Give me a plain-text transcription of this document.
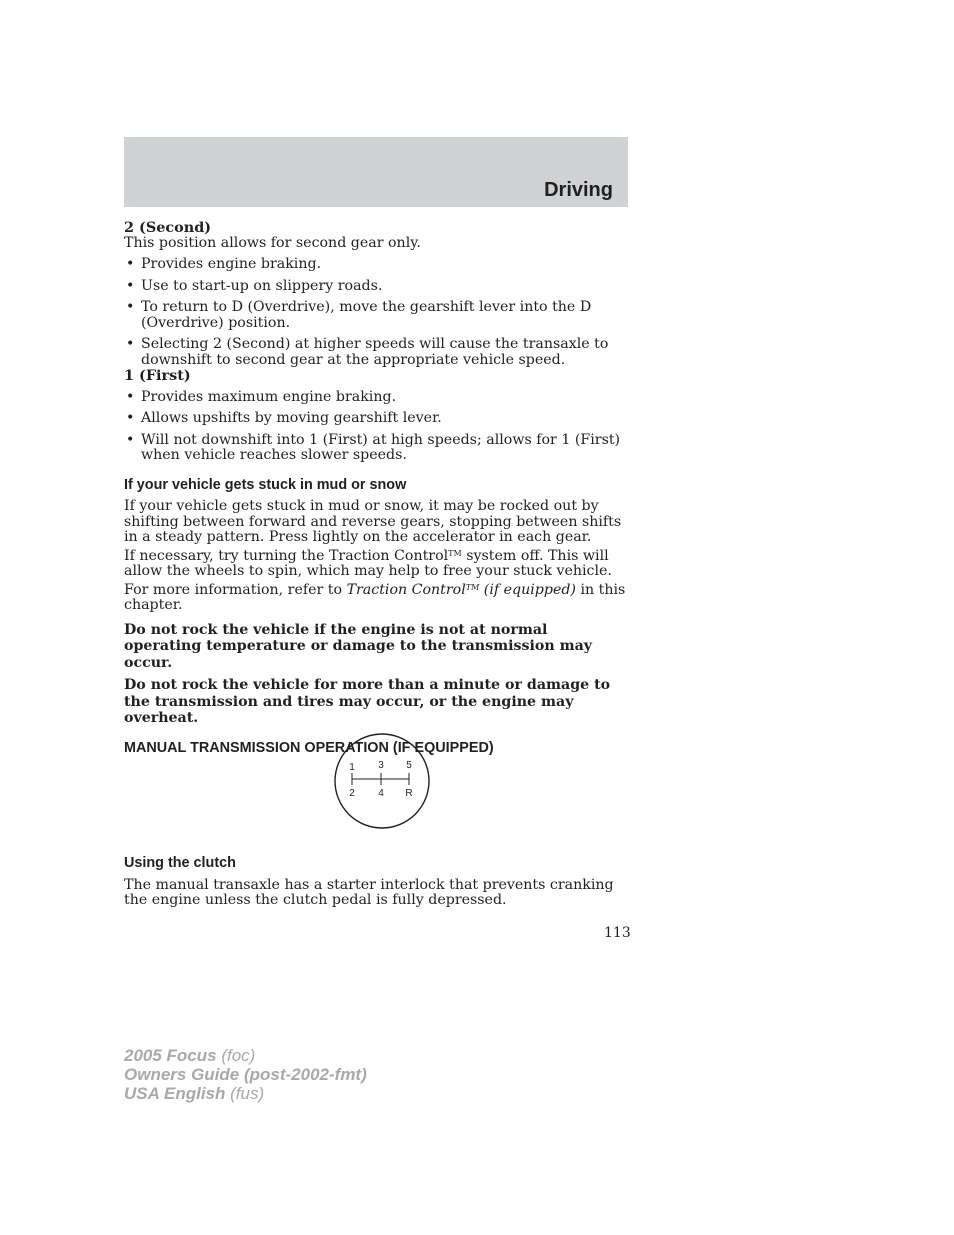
Driving

2 (Second)

This position allows for second gear only.

• Provides engine braking.
• Use to start-up on slippery roads.
• To return to D (Overdrive), move the gearshift lever into the D (Overdrive) position.
• Selecting 2 (Second) at higher speeds will cause the transaxle to downshift to second gear at the appropriate vehicle speed.

1 (First)

• Provides maximum engine braking.
• Allows upshifts by moving gearshift lever.
• Will not downshift into 1 (First) at high speeds; allows for 1 (First) when vehicle reaches slower speeds.

If your vehicle gets stuck in mud or snow

If your vehicle gets stuck in mud or snow, it may be rocked out by shifting between forward and reverse gears, stopping between shifts in a steady pattern. Press lightly on the accelerator in each gear.

If necessary, try turning the Traction Control™ system off. This will allow the wheels to spin, which may help to free your stuck vehicle. For more information, refer to Traction Control™ (if equipped) in this chapter.

Do not rock the vehicle if the engine is not at normal operating temperature or damage to the transmission may occur.

Do not rock the vehicle for more than a minute or damage to the transmission and tires may occur, or the engine may overheat.

MANUAL TRANSMISSION OPERATION (IF EQUIPPED)

1 3 5
2 4 R

Using the clutch

The manual transaxle has a starter interlock that prevents cranking the engine unless the clutch pedal is fully depressed.

113
2005 Focus (foc)
Owners Guide (post-2002-fmt)
USA English (fus)
